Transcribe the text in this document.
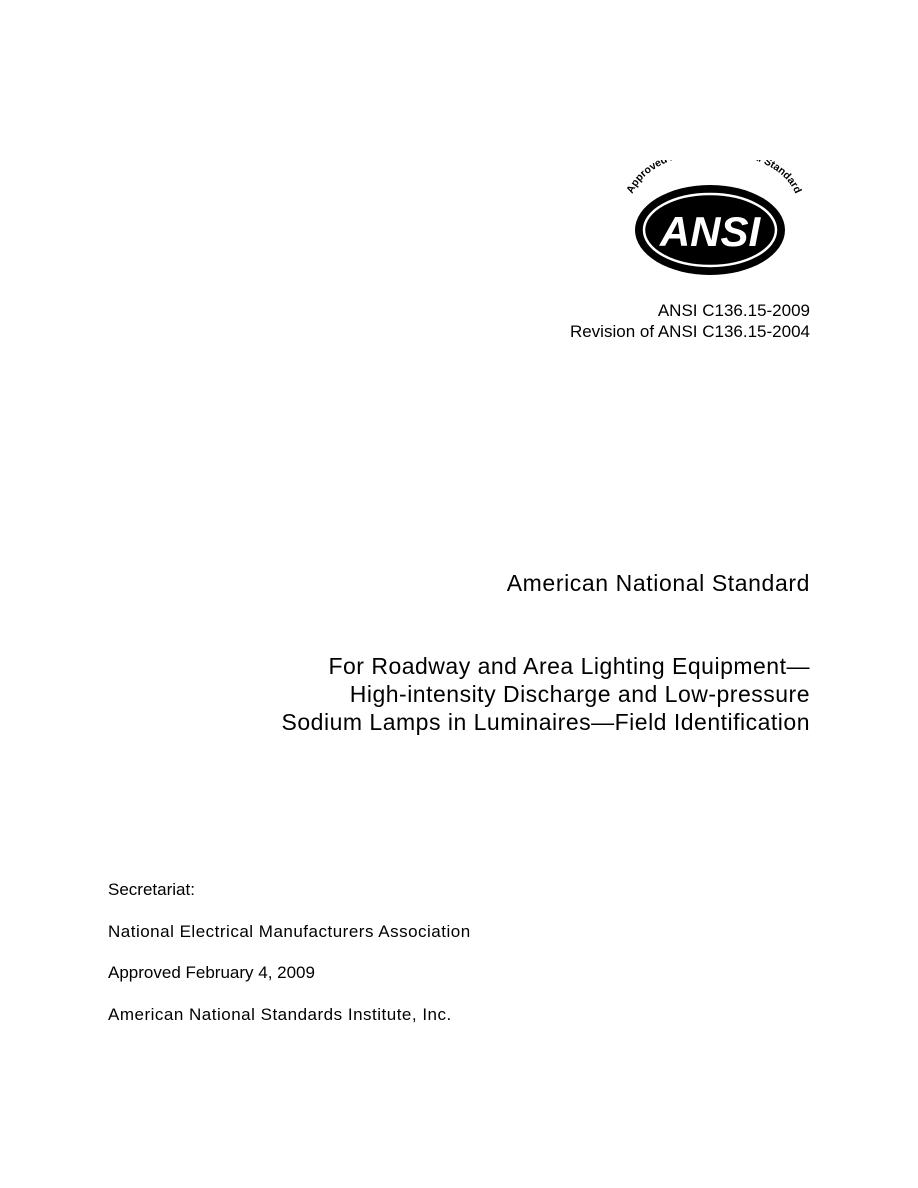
Approved Standar
ANSI
ANSI C136.15-2009
Revision of ANSI C136.15-2004
American National Standard
For Roadway and Area Lighting Equipment—
High-intensity Discharge and Low-pressure
Sodium Lamps in Luminaires—Field Identification
Secretariat:
National Electrical Manufacturers Association
Approved February 4, 2009
American National Standards Institute, Inc.
